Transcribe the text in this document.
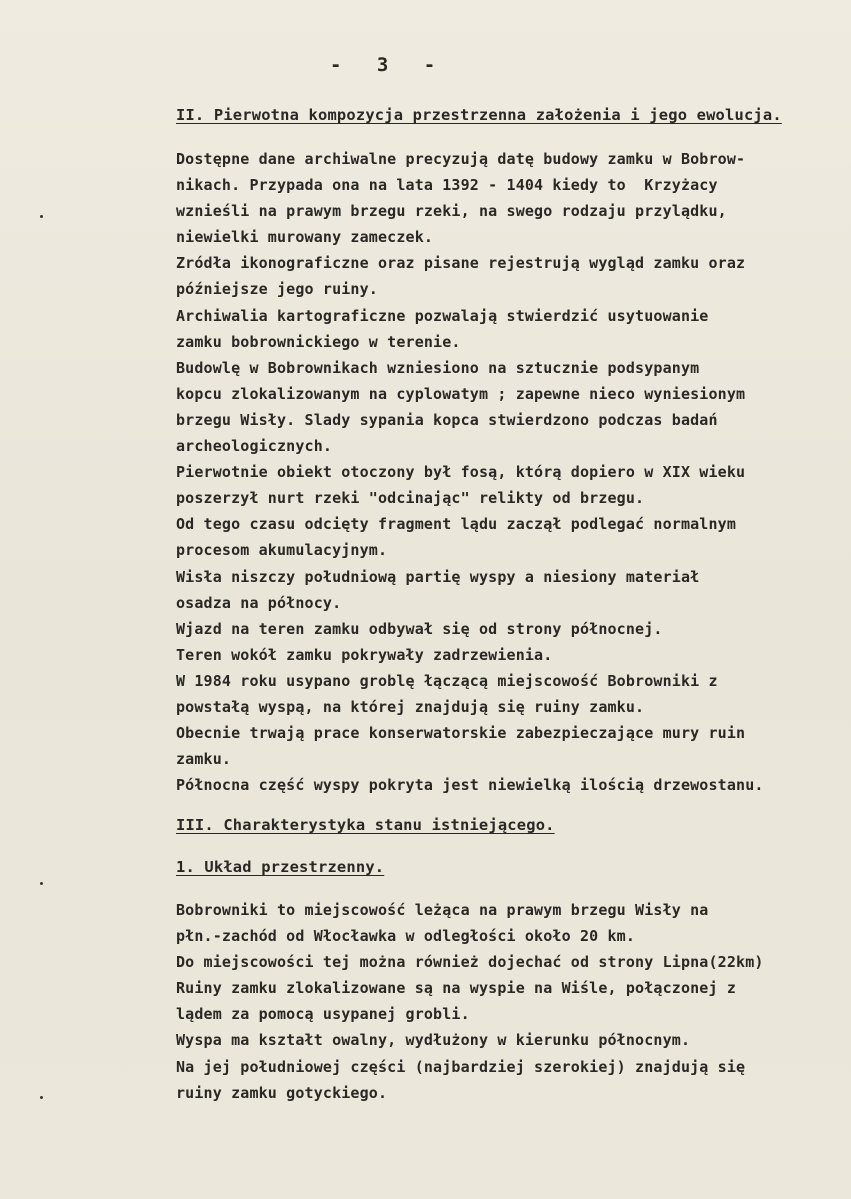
- 3 -
II. Pierwotna kompozycja przestrzenna założenia i jego ewolucja.
Dostępne dane archiwalne precyzują datę budowy zamku w Bobrow-
nikach. Przypada ona na lata 1392 - 1404 kiedy to  Krzyżacy
wznieśli na prawym brzegu rzeki, na swego rodzaju przylądku,
niewielki murowany zameczek.
Zródła ikonograficzne oraz pisane rejestrują wygląd zamku oraz
późniejsze jego ruiny.
Archiwalia kartograficzne pozwalają stwierdzić usytuowanie
zamku bobrownickiego w terenie.
Budowlę w Bobrownikach wzniesiono na sztucznie podsypanym
kopcu zlokalizowanym na cyplowatym ; zapewne nieco wyniesionym
brzegu Wisły. Slady sypania kopca stwierdzono podczas badań
archeologicznych.
Pierwotnie obiekt otoczony był fosą, którą dopiero w XIX wieku
poszerzył nurt rzeki "odcinając" relikty od brzegu.
Od tego czasu odcięty fragment lądu zaczął podlegać normalnym
procesom akumulacyjnym.
Wisła niszczy południową partię wyspy a niesiony materiał
osadza na północy.
Wjazd na teren zamku odbywał się od strony północnej.
Teren wokół zamku pokrywały zadrzewienia.
W 1984 roku usypano groblę łączącą miejscowość Bobrowniki z
powstałą wyspą, na której znajdują się ruiny zamku.
Obecnie trwają prace konserwatorskie zabezpieczające mury ruin
zamku.
Północna część wyspy pokryta jest niewielką ilością drzewostanu.
III. Charakterystyka stanu istniejącego.
1. Układ przestrzenny.
Bobrowniki to miejscowość leżąca na prawym brzegu Wisły na
płn.-zachód od Włocławka w odległości około 20 km.
Do miejscowości tej można również dojechać od strony Lipna(22km)
Ruiny zamku zlokalizowane są na wyspie na Wiśle, połączonej z
lądem za pomocą usypanej grobli.
Wyspa ma kształt owalny, wydłużony w kierunku północnym.
Na jej południowej części (najbardziej szerokiej) znajdują się
ruiny zamku gotyckiego.
